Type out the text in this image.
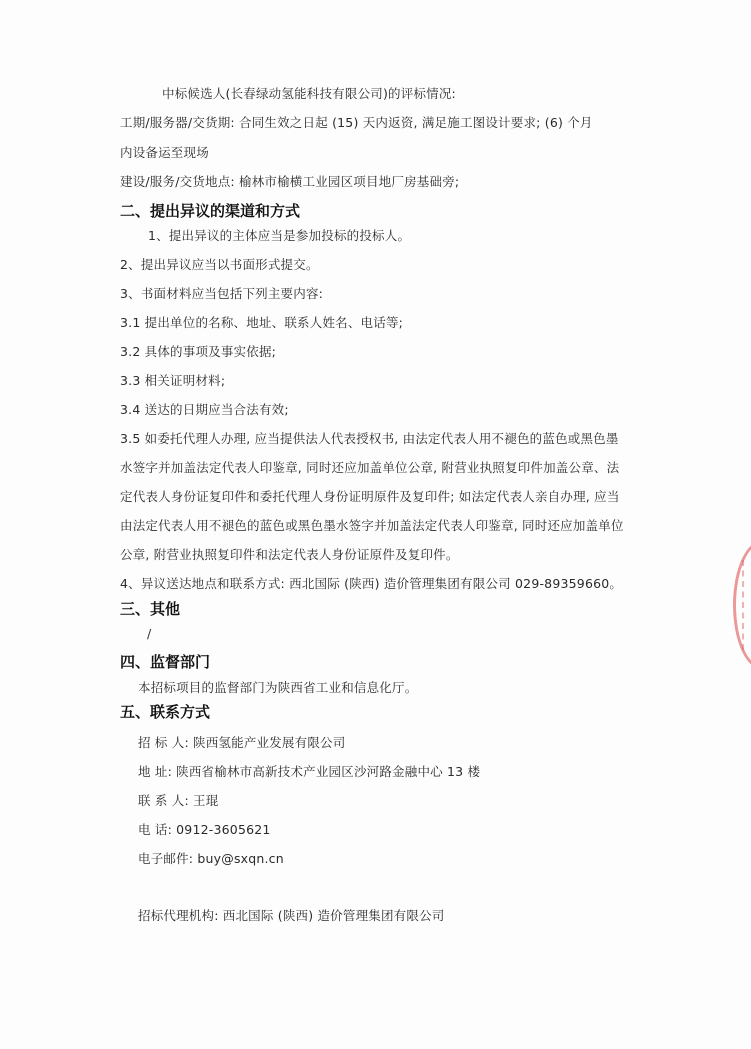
中标候选人(长春绿动氢能科技有限公司)的评标情况:
工期/服务器/交货期: 合同生效之日起 (15) 天内返资, 满足施工图设计要求; (6) 个月
内设备运至现场
建设/服务/交货地点: 榆林市榆横工业园区项目地厂房基础旁;
二、提出异议的渠道和方式
1、提出异议的主体应当是参加投标的投标人。
2、提出异议应当以书面形式提交。
3、书面材料应当包括下列主要内容:
3.1 提出单位的名称、地址、联系人姓名、电话等;
3.2 具体的事项及事实依据;
3.3 相关证明材料;
3.4 送达的日期应当合法有效;
3.5 如委托代理人办理, 应当提供法人代表授权书, 由法定代表人用不褪色的蓝色或黑色墨
水签字并加盖法定代表人印鉴章, 同时还应加盖单位公章, 附营业执照复印件加盖公章、法
定代表人身份证复印件和委托代理人身份证明原件及复印件; 如法定代表人亲自办理, 应当
由法定代表人用不褪色的蓝色或黑色墨水签字并加盖法定代表人印鉴章, 同时还应加盖单位
公章, 附营业执照复印件和法定代表人身份证原件及复印件。
4、异议送达地点和联系方式: 西北国际 (陕西) 造价管理集团有限公司 029-89359660。
三、其他
/
四、监督部门
本招标项目的监督部门为陕西省工业和信息化厅。
五、联系方式
招 标 人: 陕西氢能产业发展有限公司
地 址: 陕西省榆林市高新技术产业园区沙河路金融中心 13 楼
联 系 人: 王琨
电 话: 0912-3605621
电子邮件: buy@sxqn.cn
招标代理机构: 西北国际 (陕西) 造价管理集团有限公司
